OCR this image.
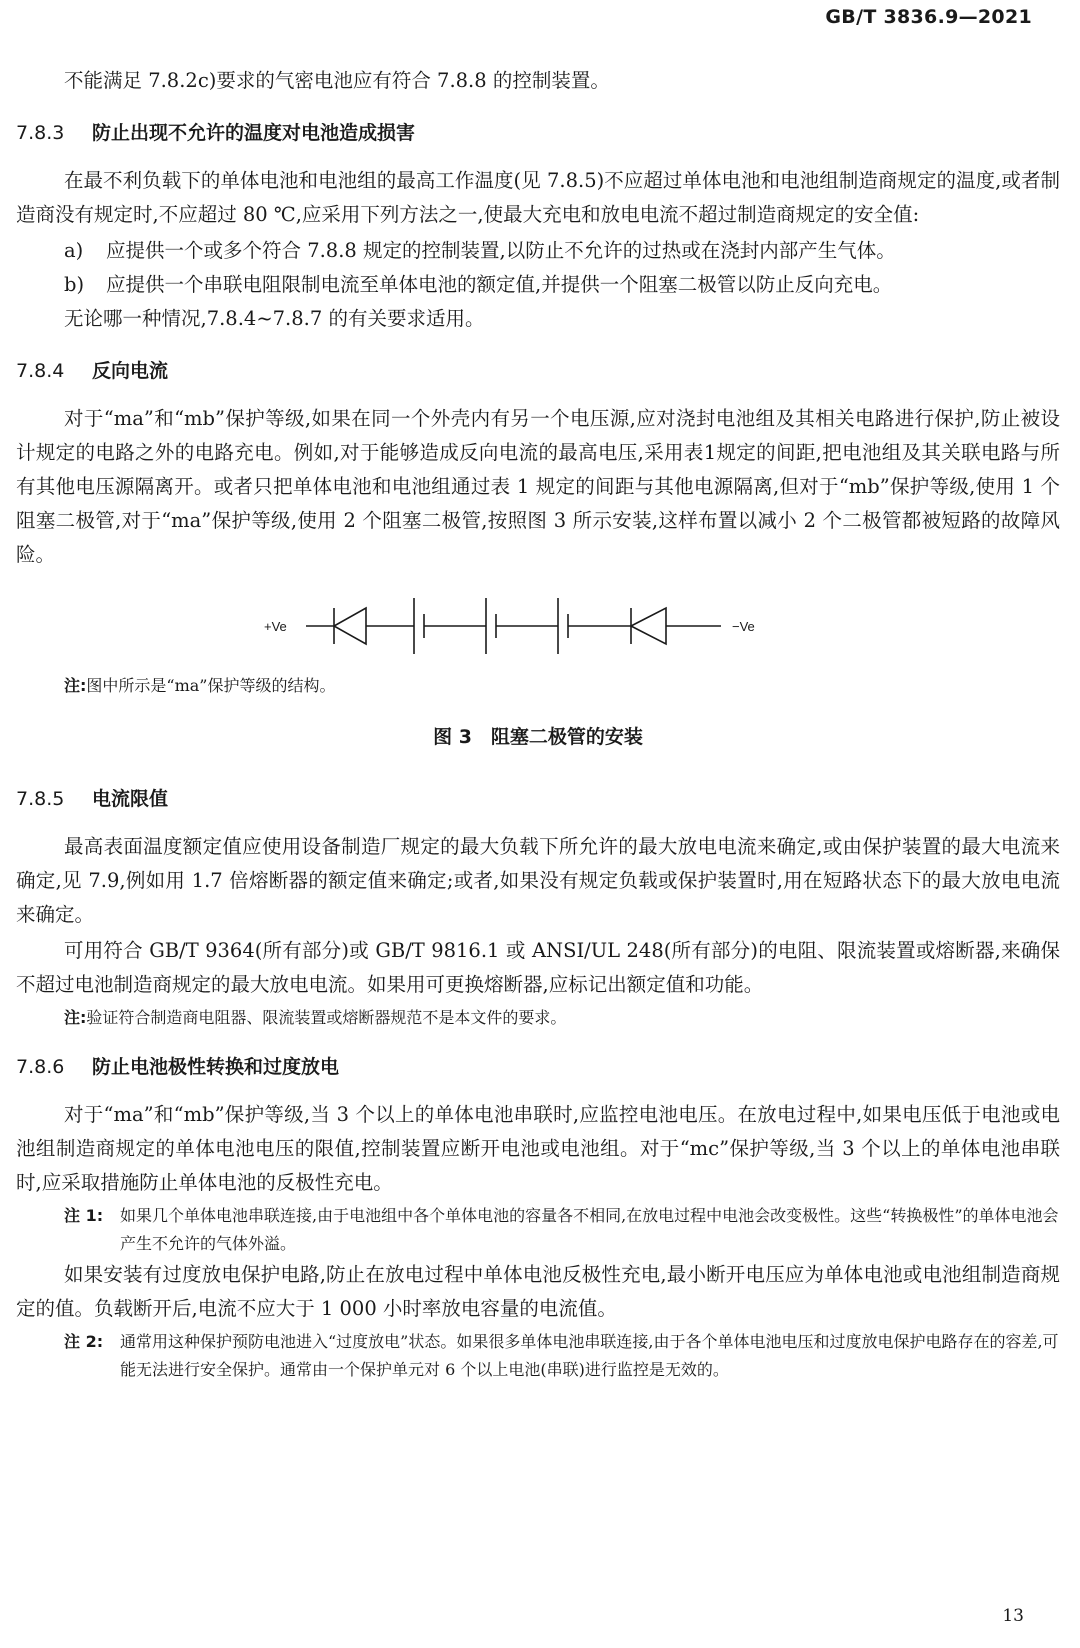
GB/T 3836.9—2021

不能满足 7.8.2c)要求的气密电池应有符合 7.8.8 的控制装置。

7.8.3	防止出现不允许的温度对电池造成损害

在最不利负载下的单体电池和电池组的最高工作温度(见 7.8.5)不应超过单体电池和电池组制造商规定的温度,或者制造商没有规定时,不应超过 80 ℃,应采用下列方法之一,使最大充电和放电电流不超过制造商规定的安全值:

a)	应提供一个或多个符合 7.8.8 规定的控制装置,以防止不允许的过热或在浇封内部产生气体。
b)	应提供一个串联电阻限制电流至单体电池的额定值,并提供一个阻塞二极管以防止反向充电。

无论哪一种情况,7.8.4~7.8.7 的有关要求适用。

7.8.4	反向电流

对于“ma”和“mb”保护等级,如果在同一个外壳内有另一个电压源,应对浇封电池组及其相关电路进行保护,防止被设计规定的电路之外的电路充电。例如,对于能够造成反向电流的最高电压,采用表1规定的间距,把电池组及其关联电路与所有其他电压源隔离开。或者只把单体电池和电池组通过表 1 规定的间距与其他电源隔离,但对于“mb”保护等级,使用 1 个阻塞二极管,对于“ma”保护等级,使用 2 个阻塞二极管,按照图 3 所示安装,这样布置以减小 2 个二极管都被短路的故障风险。

+Ve	−Ve
注:图中所示是“ma”保护等级的结构。
图 3　阻塞二极管的安装
7.8.5	电流限值

最高表面温度额定值应使用设备制造厂规定的最大负载下所允许的最大放电电流来确定,或由保护装置的最大电流来确定,见 7.9,例如用 1.7 倍熔断器的额定值来确定;或者,如果没有规定负载或保护装置时,用在短路状态下的最大放电电流来确定。

可用符合 GB/T 9364(所有部分)或 GB/T 9816.1 或 ANSI/UL 248(所有部分)的电阻、限流装置或熔断器,来确保不超过电池制造商规定的最大放电电流。如果用可更换熔断器,应标记出额定值和功能。

注:验证符合制造商电阻器、限流装置或熔断器规范不是本文件的要求。
7.8.6	防止电池极性转换和过度放电

对于“ma”和“mb”保护等级,当 3 个以上的单体电池串联时,应监控电池电压。在放电过程中,如果电压低于电池或电池组制造商规定的单体电池电压的限值,控制装置应断开电池或电池组。对于“mc”保护等级,当 3 个以上的单体电池串联时,应采取措施防止单体电池的反极性充电。

注 1:	如果几个单体电池串联连接,由于电池组中各个单体电池的容量各不相同,在放电过程中电池会改变极性。这些“转换极性”的单体电池会产生不允许的气体外溢。

如果安装有过度放电保护电路,防止在放电过程中单体电池反极性充电,最小断开电压应为单体电池或电池组制造商规定的值。负载断开后,电流不应大于 1 000 小时率放电容量的电流值。

注 2:	通常用这种保护预防电池进入“过度放电”状态。如果很多单体电池串联连接,由于各个单体电池电压和过度放电保护电路存在的容差,可能无法进行安全保护。通常由一个保护单元对 6 个以上电池(串联)进行监控是无效的。
13
